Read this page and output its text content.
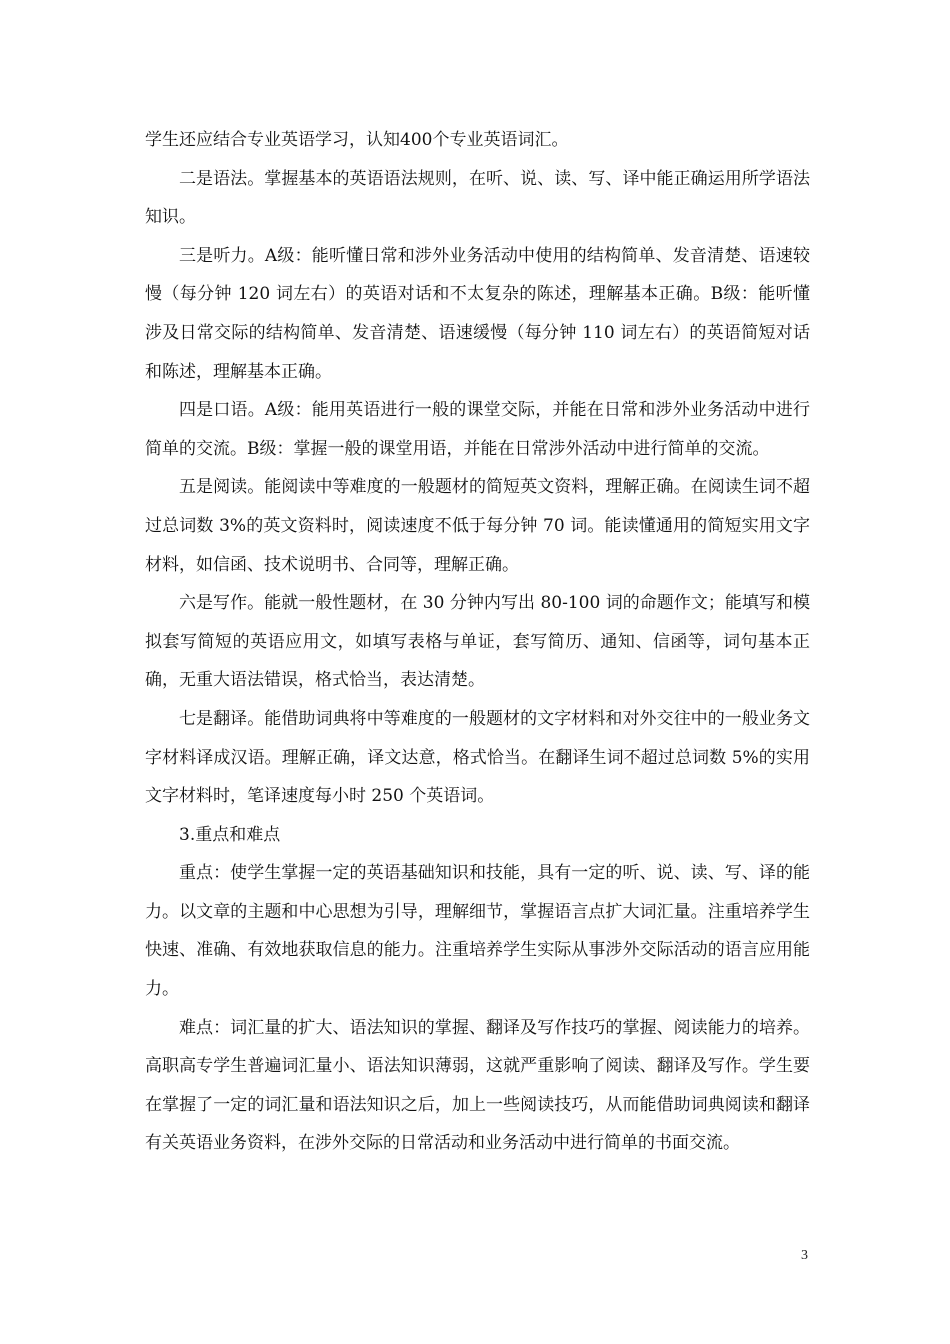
学生还应结合专业英语学习，认知400个专业英语词汇。

二是语法。掌握基本的英语语法规则，在听、说、读、写、译中能正确运用所学语法知识。

三是听力。A级：能听懂日常和涉外业务活动中使用的结构简单、发音清楚、语速较慢（每分钟 120 词左右）的英语对话和不太复杂的陈述，理解基本正确。B级：能听懂涉及日常交际的结构简单、发音清楚、语速缓慢（每分钟 110 词左右）的英语简短对话和陈述，理解基本正确。

四是口语。A级：能用英语进行一般的课堂交际，并能在日常和涉外业务活动中进行简单的交流。B级：掌握一般的课堂用语，并能在日常涉外活动中进行简单的交流。

五是阅读。能阅读中等难度的一般题材的简短英文资料，理解正确。在阅读生词不超过总词数 3%的英文资料时，阅读速度不低于每分钟 70 词。能读懂通用的简短实用文字材料，如信函、技术说明书、合同等，理解正确。

六是写作。能就一般性题材，在 30 分钟内写出 80-100 词的命题作文；能填写和模拟套写简短的英语应用文，如填写表格与单证，套写简历、通知、信函等，词句基本正确，无重大语法错误，格式恰当，表达清楚。

七是翻译。能借助词典将中等难度的一般题材的文字材料和对外交往中的一般业务文字材料译成汉语。理解正确，译文达意，格式恰当。在翻译生词不超过总词数 5%的实用文字材料时，笔译速度每小时 250 个英语词。

3.重点和难点

重点：使学生掌握一定的英语基础知识和技能，具有一定的听、说、读、写、译的能力。以文章的主题和中心思想为引导，理解细节，掌握语言点扩大词汇量。注重培养学生快速、准确、有效地获取信息的能力。注重培养学生实际从事涉外交际活动的语言应用能力。

难点：词汇量的扩大、语法知识的掌握、翻译及写作技巧的掌握、阅读能力的培养。高职高专学生普遍词汇量小、语法知识薄弱，这就严重影响了阅读、翻译及写作。学生要在掌握了一定的词汇量和语法知识之后，加上一些阅读技巧，从而能借助词典阅读和翻译有关英语业务资料，在涉外交际的日常活动和业务活动中进行简单的书面交流。

3
